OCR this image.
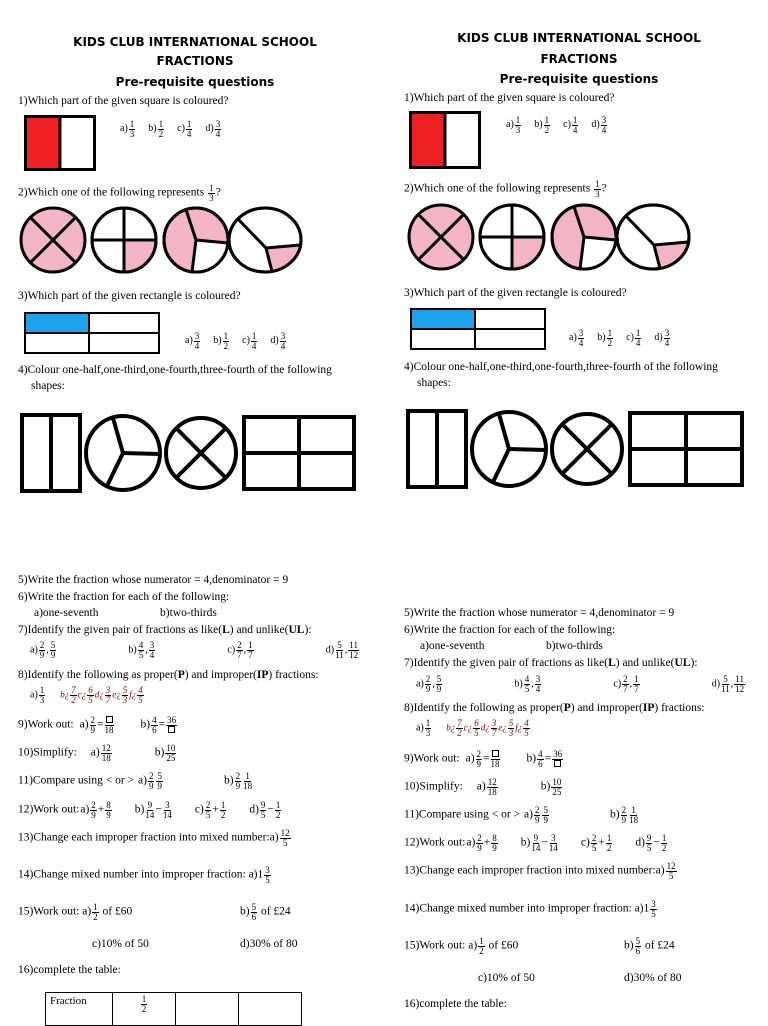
KIDS CLUB INTERNATIONAL SCHOOL
FRACTIONS
Pre-requisite questions
1)Which part of the given square is coloured?
$a) \frac{1}{3} b) \frac{1}{2} c) \frac{1}{4} d) \frac{3}{4}$
2)Which one of the following represents $\frac{1}{3}$ ?
3)Which part of the given rectangle is coloured?
$a) \frac{3}{4} b) \frac{1}{2} c) \frac{1}{4} d) \frac{3}{4}$
4)Colour one-half,one-third,one-fourth,three-fourth of the following
shapes:
5)Write the fraction whose numerator = 4,denominator = 9
6)Write the fraction for each of the following:
a)one-seventh	b)two-thirds
7)Identify the given pair of fractions as like(L) and unlike(UL):
$a) \frac{2}{9}$ , $\frac{5}{9}$	$b) \frac{4}{5}$ , $\frac{3}{4}$	$c) \frac{2}{7}$ , $\frac{1}{7}$	$d) \frac{5}{11}$ , $\frac{11}{12}$
8)Identify the following as proper(P) and improper(IP) fractions:
$a) \frac{1}{3}$ b¿ $\frac{7}{2}$ c¿ $\frac{6}{5}$ d¿ $\frac{3}{7}$ e¿ $\frac{5}{3}$ f¿ $\frac{4}{5}$
9)Work out: $a) \frac{2}{9} = 18$ $b) \frac{4}{6} = 36$
10)Simplify: $a) \frac{12}{18}$	$b) \frac{10}{25}$
11)Compare using < or > $a) \frac{2}{9} \frac{5}{9}$	$b) \frac{2}{9} \frac{1}{18}$
12)Work out:a) $\frac{2}{9} + \frac{8}{9} b) \frac{9}{14} - \frac{3}{14} c) \frac{2}{5} + \frac{1}{2} d) \frac{9}{5} - \frac{1}{2}$
13)Change each improper fraction into mixed number:a) $\frac{12}{5}$
14)Change mixed number into improper fraction: $a)1 \frac{3}{5}$
15)Work out: $a) \frac{1}{2}$ of £60	$b) \frac{5}{6}$ of £24
c)10% of 50	d)30% of 80
16)complete the table:
Fraction	$\frac{1}{2}$

KIDS CLUB INTERNATIONAL SCHOOL
FRACTIONS
Pre-requisite questions
1)Which part of the given square is coloured?
$a) \frac{1}{3} b) \frac{1}{2} c) \frac{1}{4} d) \frac{3}{4}$
2)Which one of the following represents $\frac{1}{3}$ ?
3)Which part of the given rectangle is coloured?
$a) \frac{3}{4} b) \frac{1}{2} c) \frac{1}{4} d) \frac{3}{4}$
4)Colour one-half,one-third,one-fourth,three-fourth of the following
shapes:
5)Write the fraction whose numerator = 4,denominator = 9
6)Write the fraction for each of the following:
a)one-seventh	b)two-thirds
7)Identify the given pair of fractions as like(L) and unlike(UL):
$a) \frac{2}{9}$ , $\frac{5}{9}$	$b) \frac{4}{5}$ , $\frac{3}{4}$	$c) \frac{2}{7}$ , $\frac{1}{7}$	$d) \frac{5}{11}$ , $\frac{11}{12}$
8)Identify the following as proper(P) and improper(IP) fractions:
$a) \frac{1}{3}$ b¿ $\frac{7}{2}$ c¿ $\frac{6}{5}$ d¿ $\frac{3}{7}$ e¿ $\frac{5}{3}$ f¿ $\frac{4}{5}$
9)Work out: $a) \frac{2}{9} = 18$ $b) \frac{4}{6} = 36$
10)Simplify: $a) \frac{12}{18}$	$b) \frac{10}{25}$
11)Compare using < or > $a) \frac{2}{9} \frac{5}{9}$	$b) \frac{2}{9} \frac{1}{18}$
12)Work out:a) $\frac{2}{9} + \frac{8}{9} b) \frac{9}{14} - \frac{3}{14} c) \frac{2}{5} + \frac{1}{2} d) \frac{9}{5} - \frac{1}{2}$
13)Change each improper fraction into mixed number:a) $\frac{12}{5}$
14)Change mixed number into improper fraction: $a)1 \frac{3}{5}$
15)Work out: $a) \frac{1}{2}$ of £60	$b) \frac{5}{6}$ of £24
c)10% of 50	d)30% of 80
16)complete the table:
